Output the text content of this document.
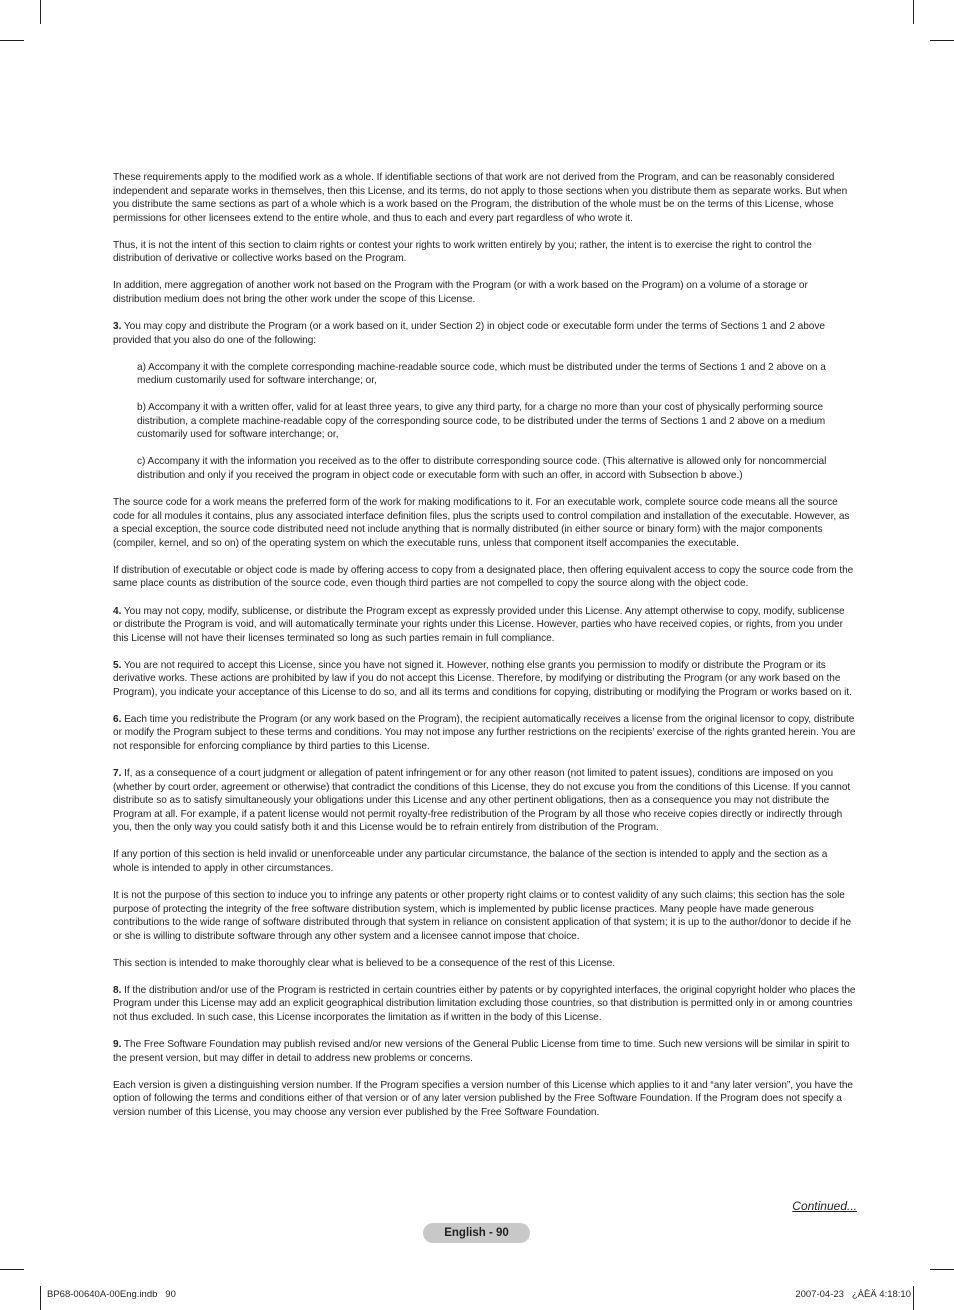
These requirements apply to the modified work as a whole. If identifiable sections of that work are not derived from the Program, and can be reasonably considered independent and separate works in themselves, then this License, and its terms, do not apply to those sections when you distribute them as separate works. But when you distribute the same sections as part of a whole which is a work based on the Program, the distribution of the whole must be on the terms of this License, whose permissions for other licensees extend to the entire whole, and thus to each and every part regardless of who wrote it.

Thus, it is not the intent of this section to claim rights or contest your rights to work written entirely by you; rather, the intent is to exercise the right to control the distribution of derivative or collective works based on the Program.

In addition, mere aggregation of another work not based on the Program with the Program (or with a work based on the Program) on a volume of a storage or distribution medium does not bring the other work under the scope of this License.

3. You may copy and distribute the Program (or a work based on it, under Section 2) in object code or executable form under the terms of Sections 1 and 2 above provided that you also do one of the following:

a) Accompany it with the complete corresponding machine-readable source code, which must be distributed under the terms of Sections 1 and 2 above on a medium customarily used for software interchange; or,

b) Accompany it with a written offer, valid for at least three years, to give any third party, for a charge no more than your cost of physically performing source distribution, a complete machine-readable copy of the corresponding source code, to be distributed under the terms of Sections 1 and 2 above on a medium customarily used for software interchange; or,

c) Accompany it with the information you received as to the offer to distribute corresponding source code. (This alternative is allowed only for noncommercial distribution and only if you received the program in object code or executable form with such an offer, in accord with Subsection b above.)

The source code for a work means the preferred form of the work for making modifications to it. For an executable work, complete source code means all the source code for all modules it contains, plus any associated interface definition files, plus the scripts used to control compilation and installation of the executable. However, as a special exception, the source code distributed need not include anything that is normally distributed (in either source or binary form) with the major components (compiler, kernel, and so on) of the operating system on which the executable runs, unless that component itself accompanies the executable.

If distribution of executable or object code is made by offering access to copy from a designated place, then offering equivalent access to copy the source code from the same place counts as distribution of the source code, even though third parties are not compelled to copy the source along with the object code.

4. You may not copy, modify, sublicense, or distribute the Program except as expressly provided under this License. Any attempt otherwise to copy, modify, sublicense or distribute the Program is void, and will automatically terminate your rights under this License. However, parties who have received copies, or rights, from you under this License will not have their licenses terminated so long as such parties remain in full compliance.

5. You are not required to accept this License, since you have not signed it. However, nothing else grants you permission to modify or distribute the Program or its derivative works. These actions are prohibited by law if you do not accept this License. Therefore, by modifying or distributing the Program (or any work based on the Program), you indicate your acceptance of this License to do so, and all its terms and conditions for copying, distributing or modifying the Program or works based on it.

6. Each time you redistribute the Program (or any work based on the Program), the recipient automatically receives a license from the original licensor to copy, distribute or modify the Program subject to these terms and conditions. You may not impose any further restrictions on the recipients’ exercise of the rights granted herein. You are not responsible for enforcing compliance by third parties to this License.

7. If, as a consequence of a court judgment or allegation of patent infringement or for any other reason (not limited to patent issues), conditions are imposed on you (whether by court order, agreement or otherwise) that contradict the conditions of this License, they do not excuse you from the conditions of this License. If you cannot distribute so as to satisfy simultaneously your obligations under this License and any other pertinent obligations, then as a consequence you may not distribute the Program at all. For example, if a patent license would not permit royalty-free redistribution of the Program by all those who receive copies directly or indirectly through you, then the only way you could satisfy both it and this License would be to refrain entirely from distribution of the Program.

If any portion of this section is held invalid or unenforceable under any particular circumstance, the balance of the section is intended to apply and the section as a whole is intended to apply in other circumstances.

It is not the purpose of this section to induce you to infringe any patents or other property right claims or to contest validity of any such claims; this section has the sole purpose of protecting the integrity of the free software distribution system, which is implemented by public license practices. Many people have made generous contributions to the wide range of software distributed through that system in reliance on consistent application of that system; it is up to the author/donor to decide if he or she is willing to distribute software through any other system and a licensee cannot impose that choice.

This section is intended to make thoroughly clear what is believed to be a consequence of the rest of this License.

8. If the distribution and/or use of the Program is restricted in certain countries either by patents or by copyrighted interfaces, the original copyright holder who places the Program under this License may add an explicit geographical distribution limitation excluding those countries, so that distribution is permitted only in or among countries not thus excluded. In such case, this License incorporates the limitation as if written in the body of this License.

9. The Free Software Foundation may publish revised and/or new versions of the General Public License from time to time. Such new versions will be similar in spirit to the present version, but may differ in detail to address new problems or concerns.

Each version is given a distinguishing version number. If the Program specifies a version number of this License which applies to it and “any later version”, you have the option of following the terms and conditions either of that version or of any later version published by the Free Software Foundation. If the Program does not specify a version number of this License, you may choose any version ever published by the Free Software Foundation.

Continued...
English - 90
BP68-00640A-00Eng.indb   90	2007-04-23   ¿ÀÈÄ 4:18:10
